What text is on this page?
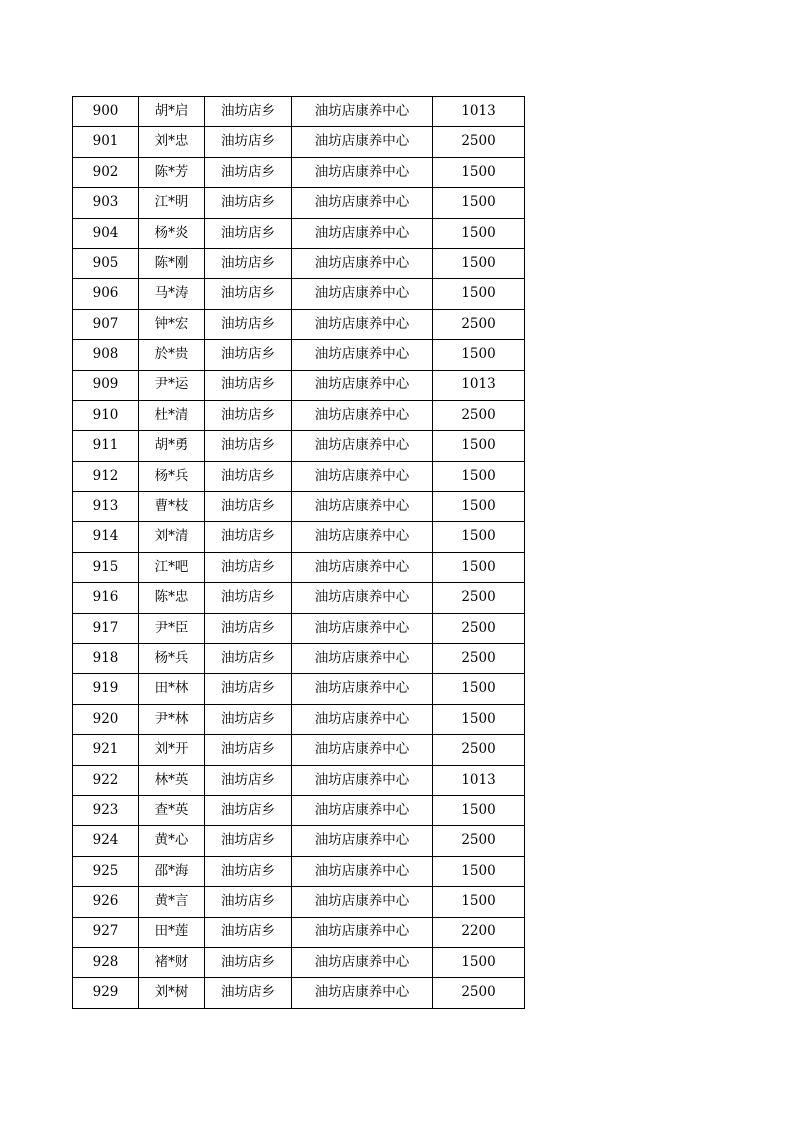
900	胡*启	油坊店乡	油坊店康养中心	1013
901	刘*忠	油坊店乡	油坊店康养中心	2500
902	陈*芳	油坊店乡	油坊店康养中心	1500
903	江*明	油坊店乡	油坊店康养中心	1500
904	杨*炎	油坊店乡	油坊店康养中心	1500
905	陈*刚	油坊店乡	油坊店康养中心	1500
906	马*涛	油坊店乡	油坊店康养中心	1500
907	钟*宏	油坊店乡	油坊店康养中心	2500
908	於*贵	油坊店乡	油坊店康养中心	1500
909	尹*运	油坊店乡	油坊店康养中心	1013
910	杜*清	油坊店乡	油坊店康养中心	2500
911	胡*勇	油坊店乡	油坊店康养中心	1500
912	杨*兵	油坊店乡	油坊店康养中心	1500
913	曹*枝	油坊店乡	油坊店康养中心	1500
914	刘*清	油坊店乡	油坊店康养中心	1500
915	江*吧	油坊店乡	油坊店康养中心	1500
916	陈*忠	油坊店乡	油坊店康养中心	2500
917	尹*臣	油坊店乡	油坊店康养中心	2500
918	杨*兵	油坊店乡	油坊店康养中心	2500
919	田*林	油坊店乡	油坊店康养中心	1500
920	尹*林	油坊店乡	油坊店康养中心	1500
921	刘*开	油坊店乡	油坊店康养中心	2500
922	林*英	油坊店乡	油坊店康养中心	1013
923	查*英	油坊店乡	油坊店康养中心	1500
924	黄*心	油坊店乡	油坊店康养中心	2500
925	邵*海	油坊店乡	油坊店康养中心	1500
926	黄*言	油坊店乡	油坊店康养中心	1500
927	田*莲	油坊店乡	油坊店康养中心	2200
928	褚*财	油坊店乡	油坊店康养中心	1500
929	刘*树	油坊店乡	油坊店康养中心	2500
